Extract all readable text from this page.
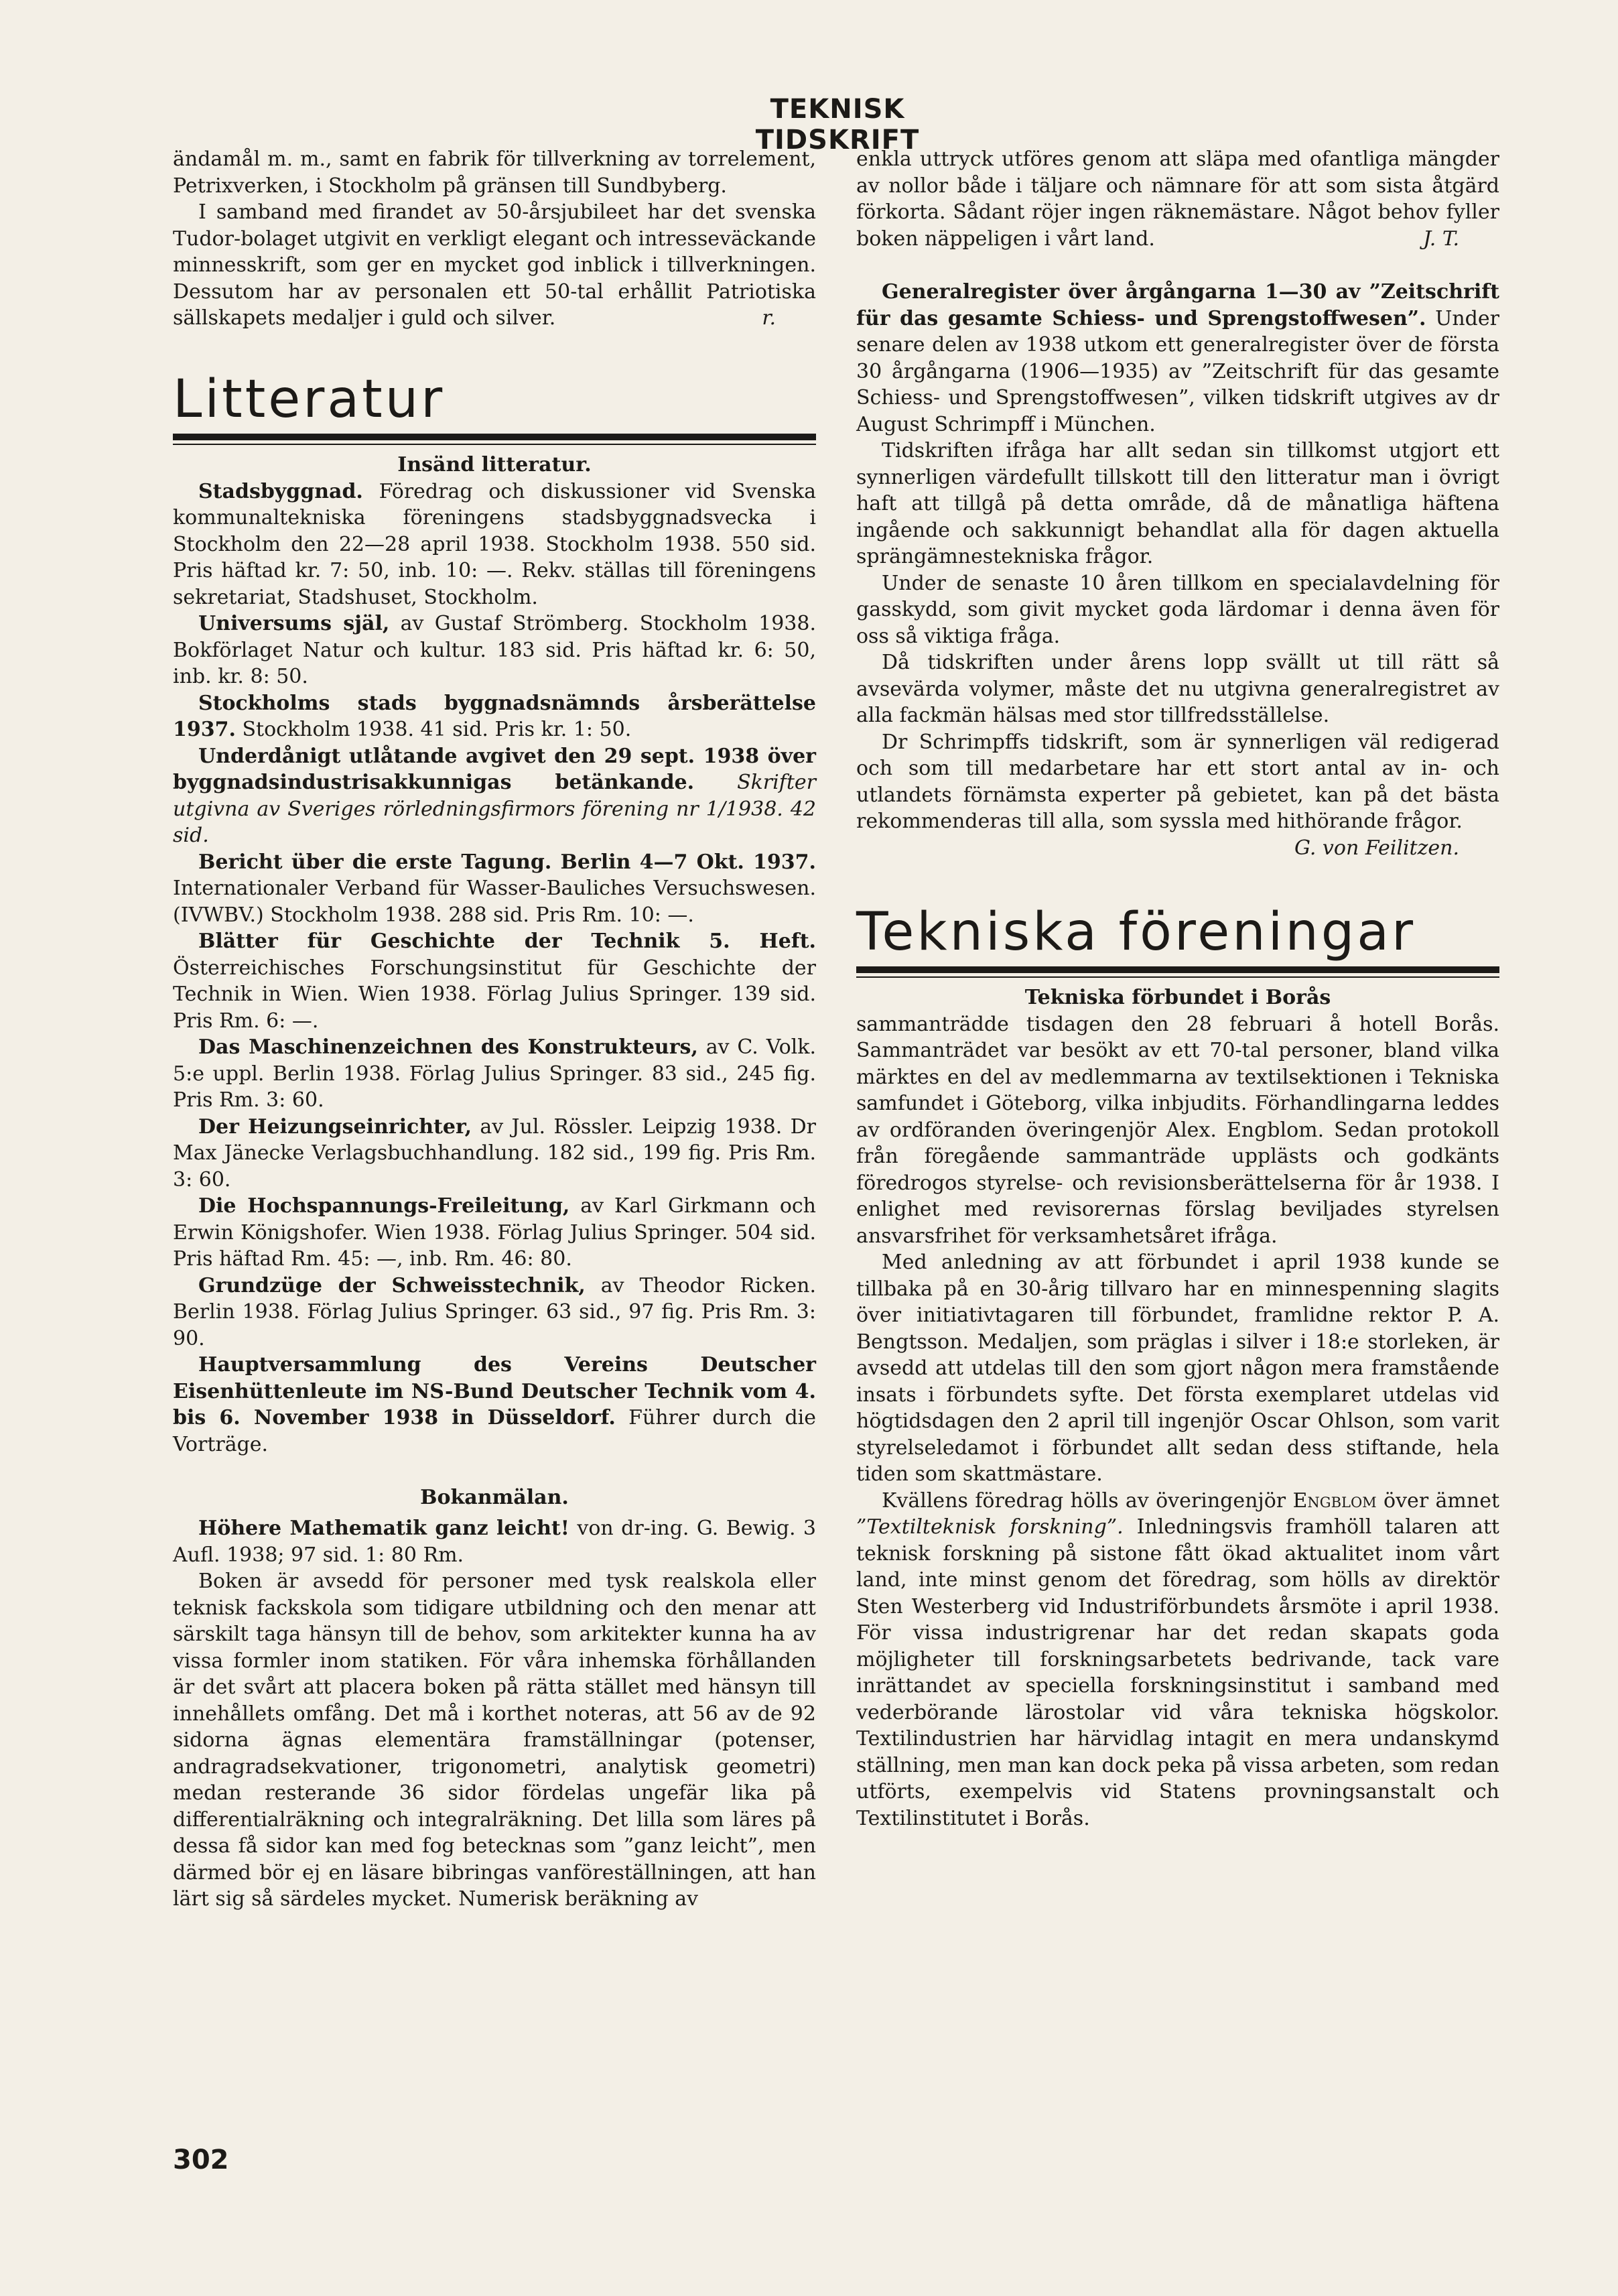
TEKNISK TIDSKRIFT

ändamål m. m., samt en fabrik för tillverkning av torrelement, Petrixverken, i Stockholm på gränsen till Sundbyberg.

I samband med firandet av 50-årsjubileet har det svenska Tudor-bolaget utgivit en verkligt elegant och intresseväckande minnesskrift, som ger en mycket god inblick i tillverkningen. Dessutom har av personalen ett 50-tal erhållit Patriotiska sällskapets medaljer i guld och silver.	r.

Litteratur
Insänd litteratur.

Stadsbyggnad. Föredrag och diskussioner vid Svenska kommunaltekniska föreningens stadsbyggnadsvecka i Stockholm den 22—28 april 1938. Stockholm 1938. 550 sid. Pris häftad kr. 7: 50, inb. 10: —. Rekv. ställas till föreningens sekretariat, Stadshuset, Stockholm.

Universums själ, av Gustaf Strömberg. Stockholm 1938. Bokförlaget Natur och kultur. 183 sid. Pris häftad kr. 6: 50, inb. kr. 8: 50.

Stockholms stads byggnadsnämnds årsberättelse 1937. Stockholm 1938. 41 sid. Pris kr. 1: 50.

Underdånigt utlåtande avgivet den 29 sept. 1938 över byggnadsindustrisakkunnigas betänkande. Skrifter utgivna av Sveriges rörledningsfirmors förening nr 1/1938. 42 sid.

Bericht über die erste Tagung. Berlin 4—7 Okt. 1937. Internationaler Verband für Wasser-Bauliches Versuchswesen. (IVWBV.) Stockholm 1938. 288 sid. Pris Rm. 10: —.

Blätter für Geschichte der Technik 5. Heft. Österreichisches Forschungsinstitut für Geschichte der Technik in Wien. Wien 1938. Förlag Julius Springer. 139 sid. Pris Rm. 6: —.

Das Maschinenzeichnen des Konstrukteurs, av C. Volk. 5:e uppl. Berlin 1938. Förlag Julius Springer. 83 sid., 245 fig. Pris Rm. 3: 60.

Der Heizungseinrichter, av Jul. Rössler. Leipzig 1938. Dr Max Jänecke Verlagsbuchhandlung. 182 sid., 199 fig. Pris Rm. 3: 60.

Die Hochspannungs-Freileitung, av Karl Girkmann och Erwin Königshofer. Wien 1938. Förlag Julius Springer. 504 sid. Pris häftad Rm. 45: —, inb. Rm. 46: 80.

Grundzüge der Schweisstechnik, av Theodor Ricken. Berlin 1938. Förlag Julius Springer. 63 sid., 97 fig. Pris Rm. 3: 90.

Hauptversammlung des Vereins Deutscher Eisenhüttenleute im NS-Bund Deutscher Technik vom 4. bis 6. November 1938 in Düsseldorf. Führer durch die Vorträge.

Bokanmälan.

Höhere Mathematik ganz leicht! von dr-ing. G. Bewig. 3 Aufl. 1938; 97 sid. 1: 80 Rm.

Boken är avsedd för personer med tysk realskola eller teknisk fackskola som tidigare utbildning och den menar att särskilt taga hänsyn till de behov, som arkitekter kunna ha av vissa formler inom statiken. För våra inhemska förhållanden är det svårt att placera boken på rätta stället med hänsyn till innehållets omfång. Det må i korthet noteras, att 56 av de 92 sidorna ägnas elementära framställningar (potenser, andragradsekvationer, trigonometri, analytisk geometri) medan resterande 36 sidor fördelas ungefär lika på differentialräkning och integralräkning. Det lilla som läres på dessa få sidor kan med fog betecknas som ”ganz leicht”, men därmed bör ej en läsare bibringas vanföreställningen, att han lärt sig så särdeles mycket. Numerisk beräkning av

enkla uttryck utföres genom att släpa med ofantliga mängder av nollor både i täljare och nämnare för att som sista åtgärd förkorta. Sådant röjer ingen räknemästare. Något behov fyller boken näppeligen i vårt land.	J. T.

Generalregister över årgångarna 1—30 av ”Zeitschrift für das gesamte Schiess- und Sprengstoffwesen”. Under senare delen av 1938 utkom ett generalregister över de första 30 årgångarna (1906—1935) av ”Zeitschrift für das gesamte Schiess- und Sprengstoffwesen”, vilken tidskrift utgives av dr August Schrimpff i München.

Tidskriften ifråga har allt sedan sin tillkomst utgjort ett synnerligen värdefullt tillskott till den litteratur man i övrigt haft att tillgå på detta område, då de månatliga häftena ingående och sakkunnigt behandlat alla för dagen aktuella sprängämnestekniska frågor.

Under de senaste 10 åren tillkom en specialavdelning för gasskydd, som givit mycket goda lärdomar i denna även för oss så viktiga fråga.

Då tidskriften under årens lopp svällt ut till rätt så avsevärda volymer, måste det nu utgivna generalregistret av alla fackmän hälsas med stor tillfredsställelse.

Dr Schrimpffs tidskrift, som är synnerligen väl redigerad och som till medarbetare har ett stort antal av in- och utlandets förnämsta experter på gebietet, kan på det bästa rekommenderas till alla, som syssla med hithörande frågor.
G. von Feilitzen.

Tekniska föreningar
Tekniska förbundet i Borås

sammanträdde tisdagen den 28 februari å hotell Borås. Sammanträdet var besökt av ett 70-tal personer, bland vilka märktes en del av medlemmarna av textilsektionen i Tekniska samfundet i Göteborg, vilka inbjudits. Förhandlingarna leddes av ordföranden överingenjör Alex. Engblom. Sedan protokoll från föregående sammanträde upplästs och godkänts föredrogos styrelse- och revisionsberättelserna för år 1938. I enlighet med revisorernas förslag beviljades styrelsen ansvarsfrihet för verksamhetsåret ifråga.

Med anledning av att förbundet i april 1938 kunde se tillbaka på en 30-årig tillvaro har en minnespenning slagits över initiativtagaren till förbundet, framlidne rektor P. A. Bengtsson. Medaljen, som präglas i silver i 18:e storleken, är avsedd att utdelas till den som gjort någon mera framstående insats i förbundets syfte. Det första exemplaret utdelas vid högtidsdagen den 2 april till ingenjör Oscar Ohlson, som varit styrelseledamot i förbundet allt sedan dess stiftande, hela tiden som skattmästare.

Kvällens föredrag hölls av överingenjör Engblom över ämnet ”Textilteknisk forskning”. Inledningsvis framhöll talaren att teknisk forskning på sistone fått ökad aktualitet inom vårt land, inte minst genom det föredrag, som hölls av direktör Sten Westerberg vid Industriförbundets årsmöte i april 1938. För vissa industrigrenar har det redan skapats goda möjligheter till forskningsarbetets bedrivande, tack vare inrättandet av speciella forskningsinstitut i samband med vederbörande lärostolar vid våra tekniska högskolor. Textilindustrien har härvidlag intagit en mera undanskymd ställning, men man kan dock peka på vissa arbeten, som redan utförts, exempelvis vid Statens provningsanstalt och Textilinstitutet i Borås.

302
